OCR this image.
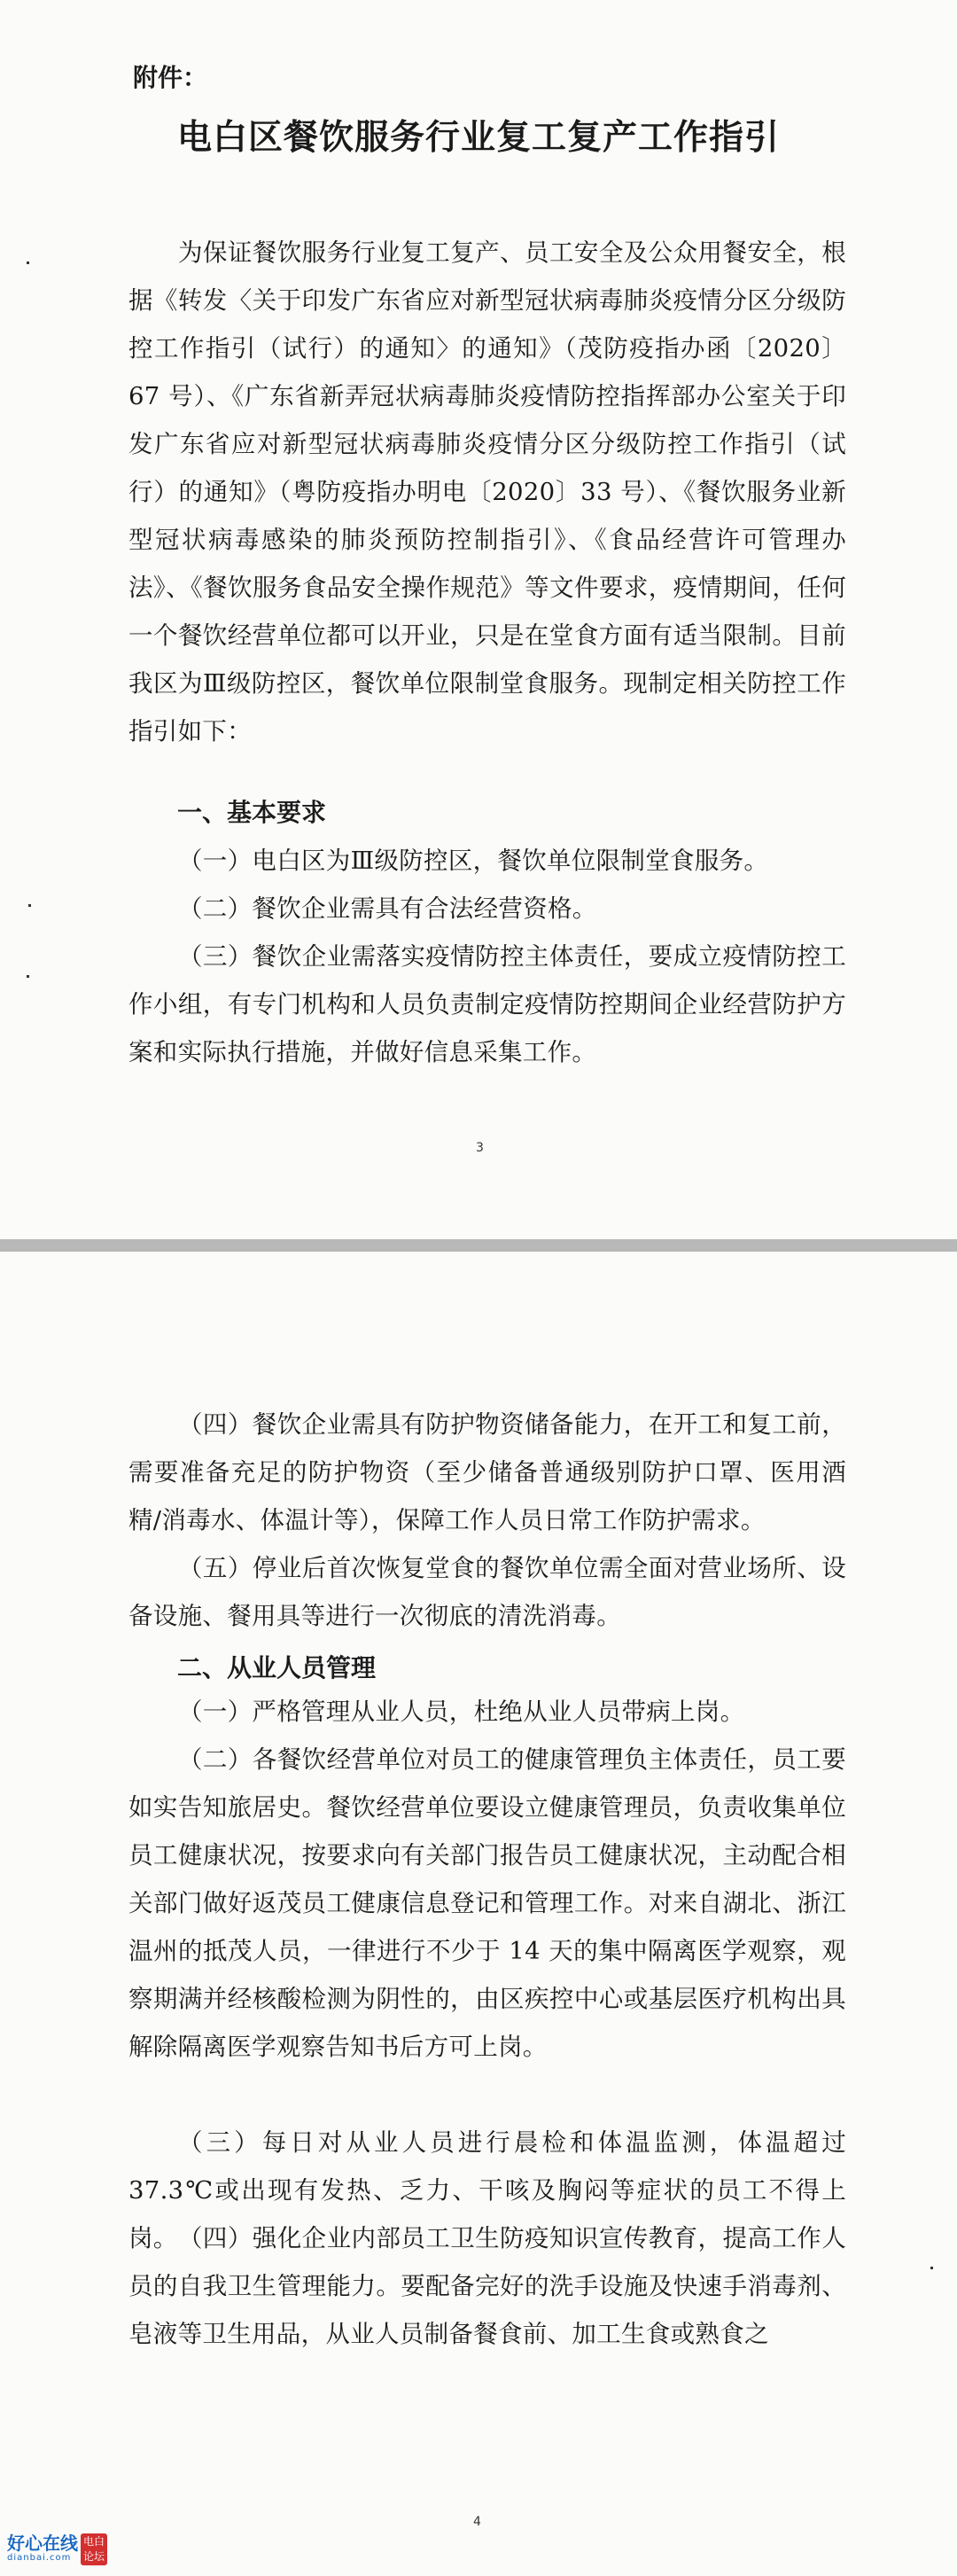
附件：
电白区餐饮服务行业复工复产工作指引
为保证餐饮服务行业复工复产、员工安全及公众用餐安全，根据《转发〈关于印发广东省应对新型冠状病毒肺炎疫情分区分级防控工作指引（试行）的通知〉的通知》（茂防疫指办函〔2020〕67 号）、《广东省新弄冠状病毒肺炎疫情防控指挥部办公室关于印发广东省应对新型冠状病毒肺炎疫情分区分级防控工作指引（试行）的通知》（粤防疫指办明电〔2020〕33 号）、《餐饮服务业新型冠状病毒感染的肺炎预防控制指引》、《食品经营许可管理办法》、《餐饮服务食品安全操作规范》等文件要求，疫情期间，任何一个餐饮经营单位都可以开业，只是在堂食方面有适当限制。目前我区为Ⅲ级防控区，餐饮单位限制堂食服务。现制定相关防控工作指引如下：
一、基本要求
（一）电白区为Ⅲ级防控区，餐饮单位限制堂食服务。
（二）餐饮企业需具有合法经营资格。
（三）餐饮企业需落实疫情防控主体责任，要成立疫情防控工作小组，有专门机构和人员负责制定疫情防控期间企业经营防护方案和实际执行措施，并做好信息采集工作。
3
（四）餐饮企业需具有防护物资储备能力，在开工和复工前，需要准备充足的防护物资（至少储备普通级别防护口罩、医用酒精/消毒水、体温计等），保障工作人员日常工作防护需求。
（五）停业后首次恢复堂食的餐饮单位需全面对营业场所、设备设施、餐用具等进行一次彻底的清洗消毒。
二、从业人员管理
（一）严格管理从业人员，杜绝从业人员带病上岗。
（二）各餐饮经营单位对员工的健康管理负主体责任，员工要如实告知旅居史。餐饮经营单位要设立健康管理员，负责收集单位员工健康状况，按要求向有关部门报告员工健康状况，主动配合相关部门做好返茂员工健康信息登记和管理工作。对来自湖北、浙江温州的抵茂人员，一律进行不少于 14 天的集中隔离医学观察，观察期满并经核酸检测为阴性的，由区疾控中心或基层医疗机构出具解除隔离医学观察告知书后方可上岗。
（三）每日对从业人员进行晨检和体温监测，体温超过37.3℃或出现有发热、乏力、干咳及胸闷等症状的员工不得上岗。 （四）强化企业内部员工卫生防疫知识宣传教育，提高工作人员的自我卫生管理能力。要配备完好的洗手设施及快速手消毒剂、皂液等卫生用品，从业人员制备餐食前、加工生食或熟食之
4
好心在线
dianbai.com
电白论坛
